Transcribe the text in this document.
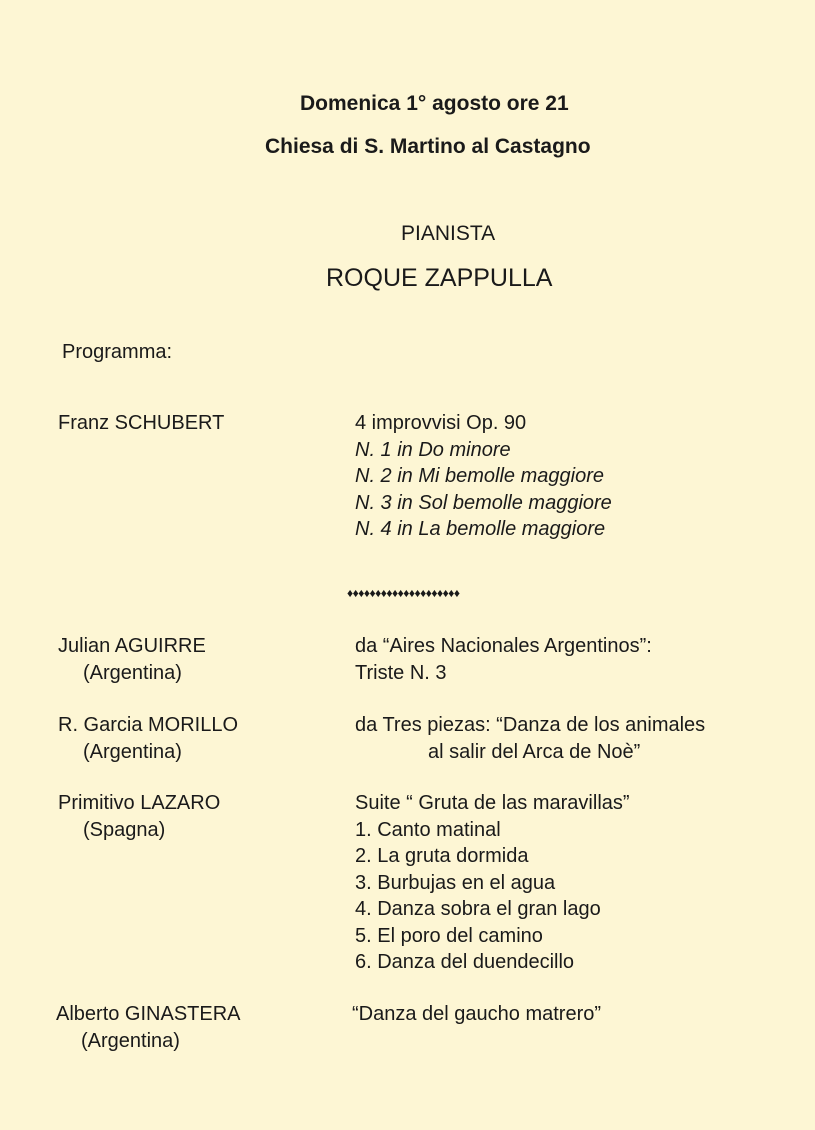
Domenica 1° agosto ore 21
Chiesa di S. Martino al Castagno
PIANISTA
ROQUE ZAPPULLA
Programma:
Franz SCHUBERT	4 improvvisi Op. 90
N. 1 in Do minore
N. 2 in Mi bemolle maggiore
N. 3 in Sol bemolle maggiore
N. 4 in La bemolle maggiore
♦♦♦♦♦♦♦♦♦♦♦♦♦♦♦♦♦♦♦♦
Julian AGUIRRE
(Argentina)
da “Aires Nacionales Argentinos”:
Triste N. 3
R. Garcia MORILLO
(Argentina)
da Tres piezas: “Danza de los animales
al salir del Arca de Noè”
Primitivo LAZARO
(Spagna)
Suite “ Gruta de las maravillas”
1. Canto matinal
2. La gruta dormida
3. Burbujas en el agua
4. Danza sobra el gran lago
5. El poro del camino
6. Danza del duendecillo
Alberto GINASTERA
(Argentina)
“Danza del gaucho matrero”
